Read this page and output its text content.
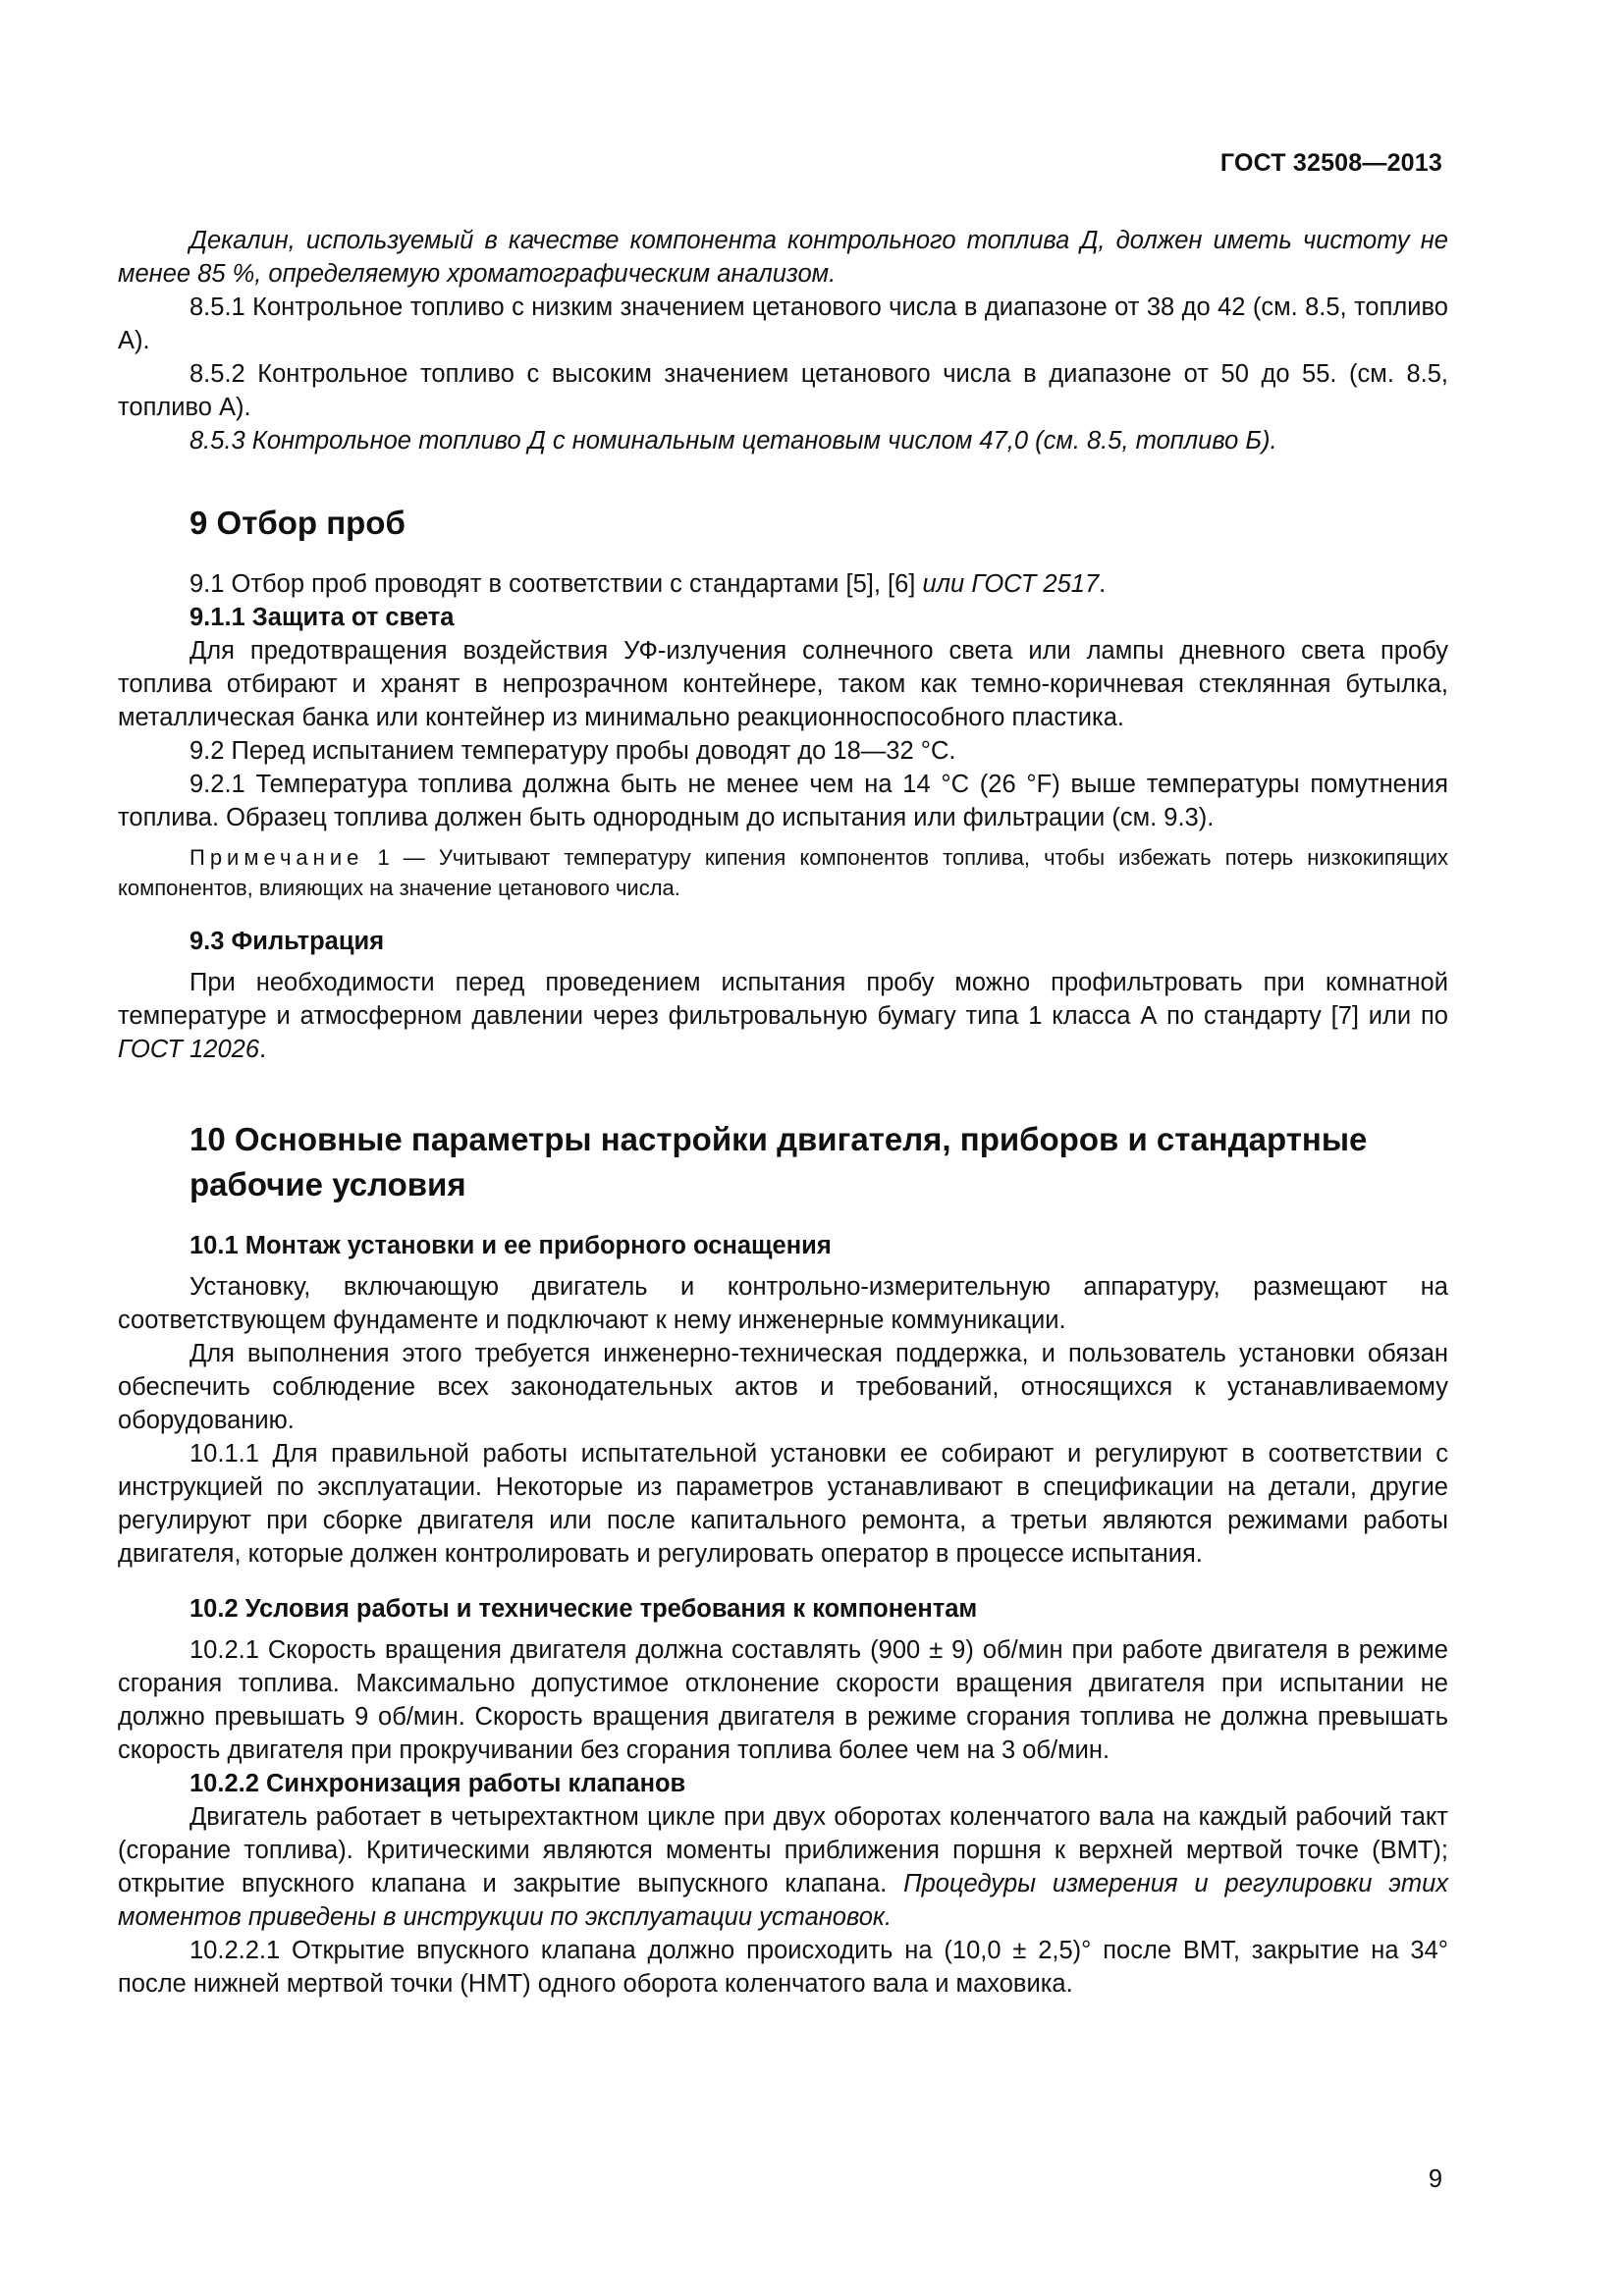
ГОСТ 32508—2013

Декалин, используемый в качестве компонента контрольного топлива Д, должен иметь чистоту не менее 85 %, определяемую хроматографическим анализом.

8.5.1 Контрольное топливо с низким значением цетанового числа в диапазоне от 38 до 42 (см. 8.5, топливо А).

8.5.2 Контрольное топливо с высоким значением цетанового числа в диапазоне от 50 до 55. (см. 8.5, топливо А).

8.5.3 Контрольное топливо Д с номинальным цетановым числом 47,0 (см. 8.5, топливо Б).

9 Отбор проб

9.1 Отбор проб проводят в соответствии с стандартами [5], [6] или ГОСТ 2517.

9.1.1 Защита от света

Для предотвращения воздействия УФ-излучения солнечного света или лампы дневного света пробу топлива отбирают и хранят в непрозрачном контейнере, таком как темно-коричневая стеклянная бутылка, металлическая банка или контейнер из минимально реакционноспособного пластика.

9.2 Перед испытанием температуру пробы доводят до 18—32 °C.

9.2.1 Температура топлива должна быть не менее чем на 14 °C (26 °F) выше температуры помутнения топлива. Образец топлива должен быть однородным до испытания или фильтрации (см. 9.3).

Примечание 1 — Учитывают температуру кипения компонентов топлива, чтобы избежать потерь низкокипящих компонентов, влияющих на значение цетанового числа.

9.3 Фильтрация

При необходимости перед проведением испытания пробу можно профильтровать при комнатной температуре и атмосферном давлении через фильтровальную бумагу типа 1 класса А по стандарту [7] или по ГОСТ 12026.

10 Основные параметры настройки двигателя, приборов и стандартные
рабочие условия

10.1 Монтаж установки и ее приборного оснащения

Установку, включающую двигатель и контрольно-измерительную аппаратуру, размещают на соответствующем фундаменте и подключают к нему инженерные коммуникации.

Для выполнения этого требуется инженерно-техническая поддержка, и пользователь установки обязан обеспечить соблюдение всех законодательных актов и требований, относящихся к устанавливаемому оборудованию.

10.1.1 Для правильной работы испытательной установки ее собирают и регулируют в соответствии с инструкцией по эксплуатации. Некоторые из параметров устанавливают в спецификации на детали, другие регулируют при сборке двигателя или после капитального ремонта, а третьи являются режимами работы двигателя, которые должен контролировать и регулировать оператор в процессе испытания.

10.2 Условия работы и технические требования к компонентам

10.2.1 Скорость вращения двигателя должна составлять (900 ± 9) об/мин при работе двигателя в режиме сгорания топлива. Максимально допустимое отклонение скорости вращения двигателя при испытании не должно превышать 9 об/мин. Скорость вращения двигателя в режиме сгорания топлива не должна превышать скорость двигателя при прокручивании без сгорания топлива более чем на 3 об/мин.

10.2.2 Синхронизация работы клапанов

Двигатель работает в четырехтактном цикле при двух оборотах коленчатого вала на каждый рабочий такт (сгорание топлива). Критическими являются моменты приближения поршня к верхней мертвой точке (ВМТ); открытие впускного клапана и закрытие выпускного клапана. Процедуры измерения и регулировки этих моментов приведены в инструкции по эксплуатации установок.

10.2.2.1 Открытие впускного клапана должно происходить на (10,0 ± 2,5)° после ВМТ, закрытие на 34° после нижней мертвой точки (НМТ) одного оборота коленчатого вала и маховика.

9
